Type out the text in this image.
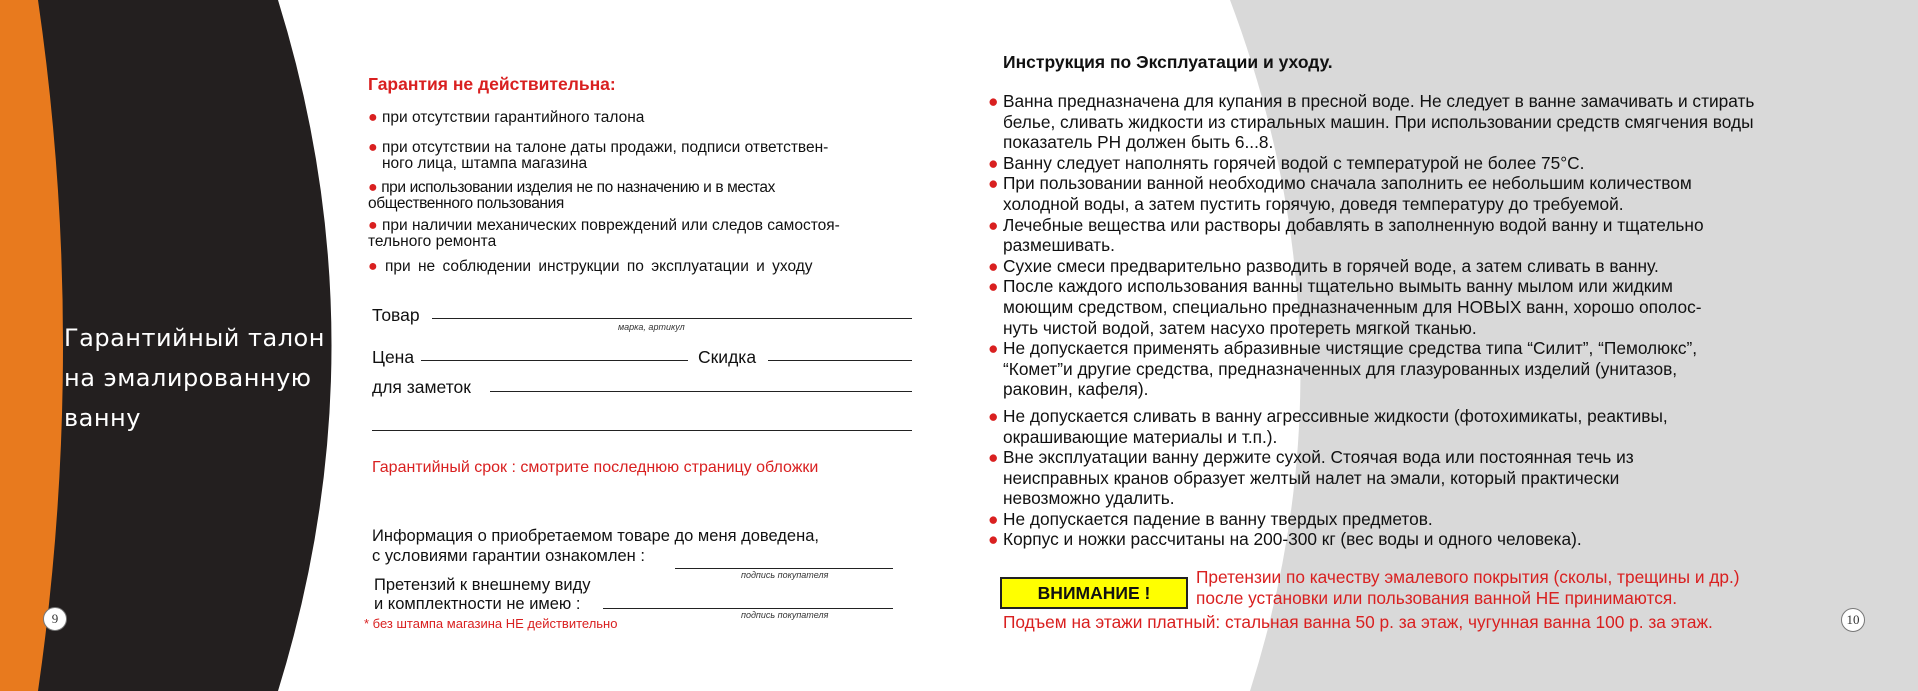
Гарантийный талон
на эмалированную
ванну
9	10
Гарантия не действительна:
● при отсутствии гарантийного талона
● при отсутствии на талоне даты продажи, подписи ответствен-
ного лица, штампа магазина
● при использовании изделия не по назначению и в местах
общественного пользования
● при наличии механических повреждений или следов самостоя-
тельного ремонта
● при не соблюдении инструкции по эксплуатации и уходу
Товар
марка, артикул
Цена	Скидка
для заметок
Гарантийный срок : смотрите последнюю страницу обложки
Информация о приобретаемом товаре до меня доведена,
с условиями гарантии ознакомлен :
подпись покупателя
Претензий к внешнему виду
и комплектности не имею :
подпись покупателя
* без штампа магазина НЕ действительно
Инструкция по Эксплуатации и уходу.
● Ванна предназначена для купания в пресной воде. Не следует в ванне замачивать и стирать
белье, сливать жидкости из стиральных машин. При использовании средств смягчения воды
показатель PH должен быть 6...8.
● Ванну следует наполнять горячей водой с температурой не более 75°С.
● При пользовании ванной необходимо сначала заполнить ее небольшим количеством
холодной воды, а затем пустить горячую, доведя температуру до требуемой.
● Лечебные вещества или растворы добавлять в заполненную водой ванну и тщательно
размешивать.
● Сухие смеси предварительно разводить в горячей воде, а затем сливать в ванну.
● После каждого использования ванны тщательно вымыть ванну мылом или жидким
моющим средством, специально предназначенным для НОВЫХ ванн, хорошо ополос-
нуть чистой водой, затем насухо протереть мягкой тканью.
● Не допускается применять абразивные чистящие средства типа “Силит”, “Пемолюкс”,
“Комет”и другие средства, предназначенных для глазурованных изделий (унитазов,
раковин, кафеля).
● Не допускается сливать в ванну агрессивные жидкости (фотохимикаты, реактивы,
окрашивающие материалы и т.п.).
● Вне эксплуатации ванну держите сухой. Стоячая вода или постоянная течь из
неисправных кранов образует желтый налет на эмали, который практически
невозможно удалить.
● Не допускается падение в ванну твердых предметов.
● Корпус и ножки рассчитаны на 200-300 кг (вес воды и одного человека).
ВНИМАНИЕ !
Претензии по качеству эмалевого покрытия (сколы, трещины и др.)
после установки или пользования ванной НЕ принимаются.
Подъем на этажи платный: стальная ванна 50 р. за этаж, чугунная ванна 100 р. за этаж.
